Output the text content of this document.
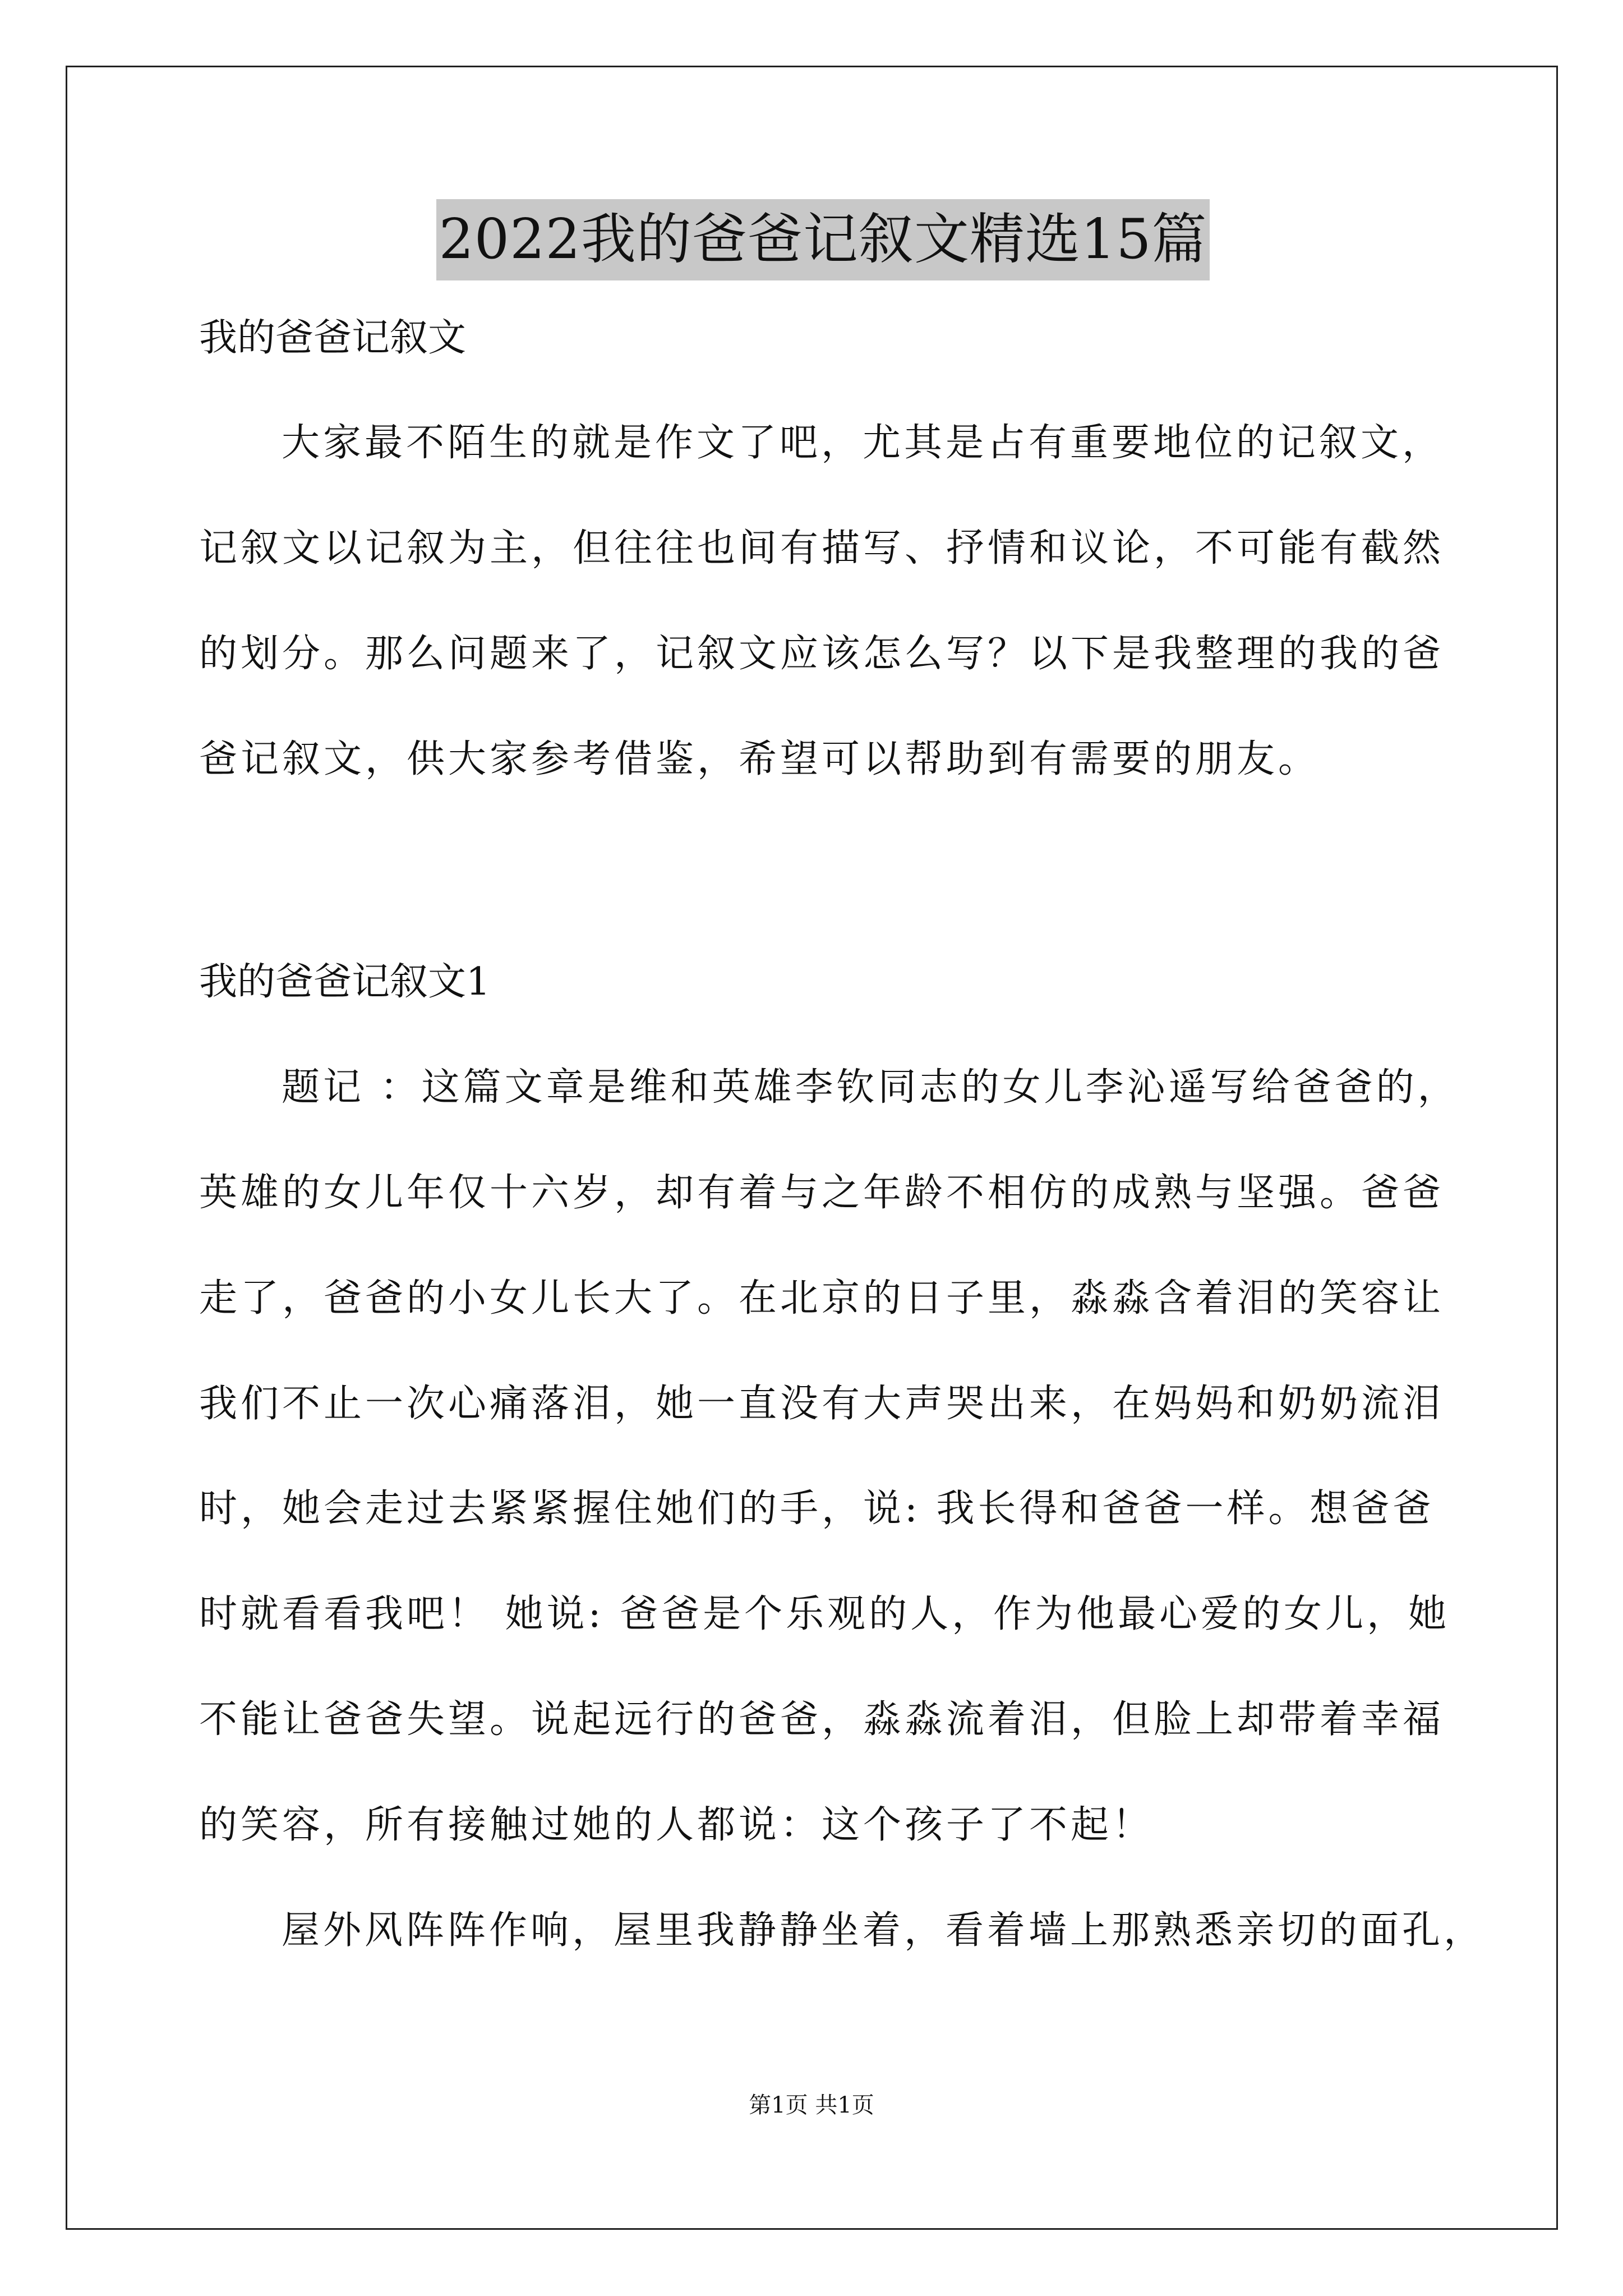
2022我的爸爸记叙文精选15篇
我的爸爸记叙文
大家最不陌生的就是作文了吧，尤其是占有重要地位的记叙文，
记叙文以记叙为主，但往往也间有描写、抒情和议论，不可能有截然
的划分。那么问题来了，记叙文应该怎么写？以下是我整理的我的爸
爸记叙文，供大家参考借鉴，希望可以帮助到有需要的朋友。
我的爸爸记叙文1
题记 ：这篇文章是维和英雄李钦同志的女儿李沁遥写给爸爸的，
英雄的女儿年仅十六岁，却有着与之年龄不相仿的成熟与坚强。爸爸
走了，爸爸的小女儿长大了。在北京的日子里，淼淼含着泪的笑容让
我们不止一次心痛落泪，她一直没有大声哭出来，在妈妈和奶奶流泪
时，她会走过去紧紧握住她们的手，说: 我长得和爸爸一样。想爸爸
时就看看我吧！ 她说: 爸爸是个乐观的人，作为他最心爱的女儿，她
不能让爸爸失望。说起远行的爸爸，淼淼流着泪，但脸上却带着幸福
的笑容，所有接触过她的人都说：这个孩子了不起！
屋外风阵阵作响，屋里我静静坐着，看着墙上那熟悉亲切的面孔，
第1页 共1页
